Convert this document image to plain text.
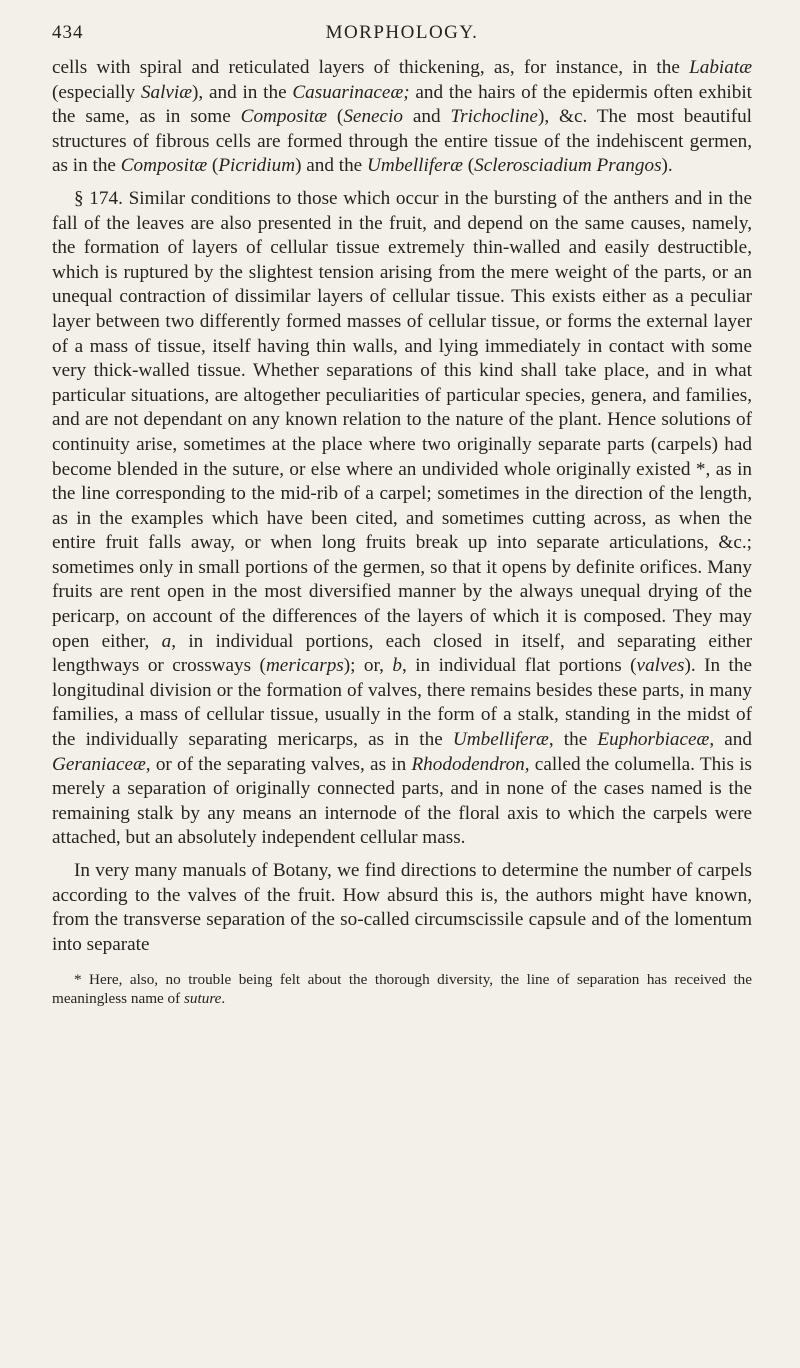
434	MORPHOLOGY.

cells with spiral and reticulated layers of thickening, as, for instance, in the Labiatæ (especially Salviæ), and in the Casuarinaceæ; and the hairs of the epidermis often exhibit the same, as in some Compositæ (Senecio and Trichocline), &c. The most beautiful structures of fibrous cells are formed through the entire tissue of the indehiscent germen, as in the Compositæ (Picridium) and the Umbelliferæ (Sclerosciadium Prangos).

§ 174. Similar conditions to those which occur in the bursting of the anthers and in the fall of the leaves are also presented in the fruit, and depend on the same causes, namely, the formation of layers of cellular tissue extremely thin-walled and easily destructible, which is ruptured by the slightest tension arising from the mere weight of the parts, or an unequal contraction of dissimilar layers of cellular tissue. This exists either as a peculiar layer between two differently formed masses of cellular tissue, or forms the external layer of a mass of tissue, itself having thin walls, and lying immediately in contact with some very thick-walled tissue. Whether separations of this kind shall take place, and in what particular situations, are altogether peculiarities of particular species, genera, and families, and are not dependant on any known relation to the nature of the plant. Hence solutions of continuity arise, sometimes at the place where two originally separate parts (carpels) had become blended in the suture, or else where an undivided whole originally existed *, as in the line corresponding to the mid-rib of a carpel; sometimes in the direction of the length, as in the examples which have been cited, and sometimes cutting across, as when the entire fruit falls away, or when long fruits break up into separate articulations, &c.; sometimes only in small portions of the germen, so that it opens by definite orifices. Many fruits are rent open in the most diversified manner by the always unequal drying of the pericarp, on account of the differences of the layers of which it is composed. They may open either, a, in individual portions, each closed in itself, and separating either lengthways or crossways (mericarps); or, b, in individual flat portions (valves). In the longitudinal division or the formation of valves, there remains besides these parts, in many families, a mass of cellular tissue, usually in the form of a stalk, standing in the midst of the individually separating mericarps, as in the Umbelliferæ, the Euphorbiaceæ, and Geraniaceæ, or of the separating valves, as in Rhododendron, called the columella. This is merely a separation of originally connected parts, and in none of the cases named is the remaining stalk by any means an internode of the floral axis to which the carpels were attached, but an absolutely independent cellular mass.

In very many manuals of Botany, we find directions to determine the number of carpels according to the valves of the fruit. How absurd this is, the authors might have known, from the transverse separation of the so-called circumscissile capsule and of the lomentum into separate

* Here, also, no trouble being felt about the thorough diversity, the line of separation has received the meaningless name of suture.
